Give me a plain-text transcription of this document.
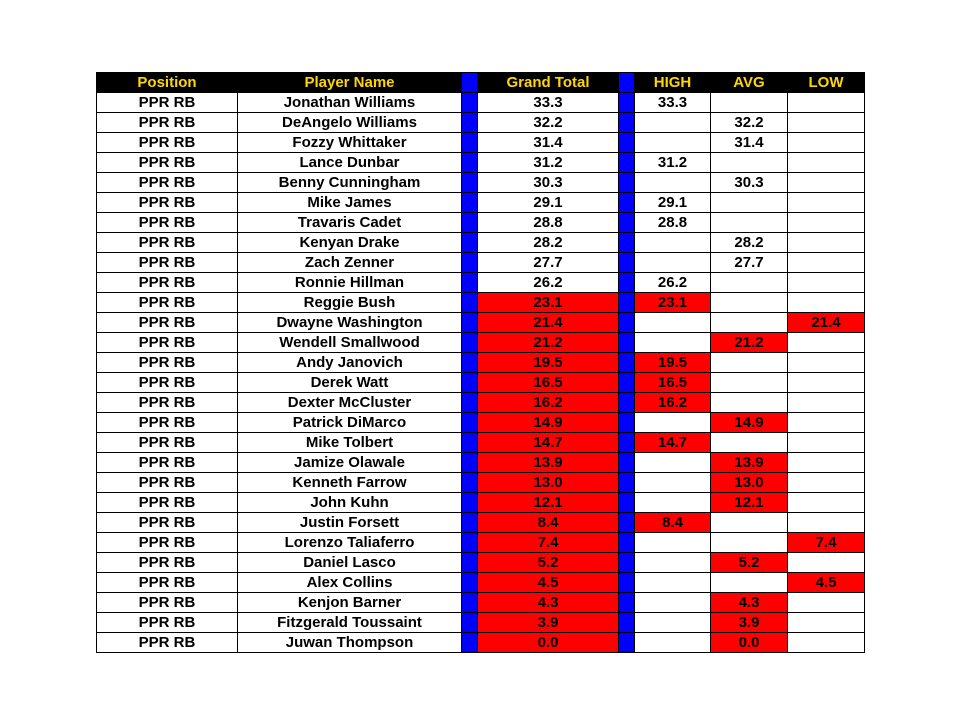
Position	Player Name		Grand Total		HIGH	AVG	LOW
PPR RB	Jonathan Williams		33.3		33.3		
PPR RB	DeAngelo Williams		32.2			32.2	
PPR RB	Fozzy Whittaker		31.4			31.4	
PPR RB	Lance Dunbar		31.2		31.2		
PPR RB	Benny Cunningham		30.3			30.3	
PPR RB	Mike James		29.1		29.1		
PPR RB	Travaris Cadet		28.8		28.8		
PPR RB	Kenyan Drake		28.2			28.2	
PPR RB	Zach Zenner		27.7			27.7	
PPR RB	Ronnie Hillman		26.2		26.2		
PPR RB	Reggie Bush		23.1		23.1		
PPR RB	Dwayne Washington		21.4				21.4
PPR RB	Wendell Smallwood		21.2			21.2	
PPR RB	Andy Janovich		19.5		19.5		
PPR RB	Derek Watt		16.5		16.5		
PPR RB	Dexter McCluster		16.2		16.2		
PPR RB	Patrick DiMarco		14.9			14.9	
PPR RB	Mike Tolbert		14.7		14.7		
PPR RB	Jamize Olawale		13.9			13.9	
PPR RB	Kenneth Farrow		13.0			13.0	
PPR RB	John Kuhn		12.1			12.1	
PPR RB	Justin Forsett		8.4		8.4		
PPR RB	Lorenzo Taliaferro		7.4				7.4
PPR RB	Daniel Lasco		5.2			5.2	
PPR RB	Alex Collins		4.5				4.5
PPR RB	Kenjon Barner		4.3			4.3	
PPR RB	Fitzgerald Toussaint		3.9			3.9	
PPR RB	Juwan Thompson		0.0			0.0	
